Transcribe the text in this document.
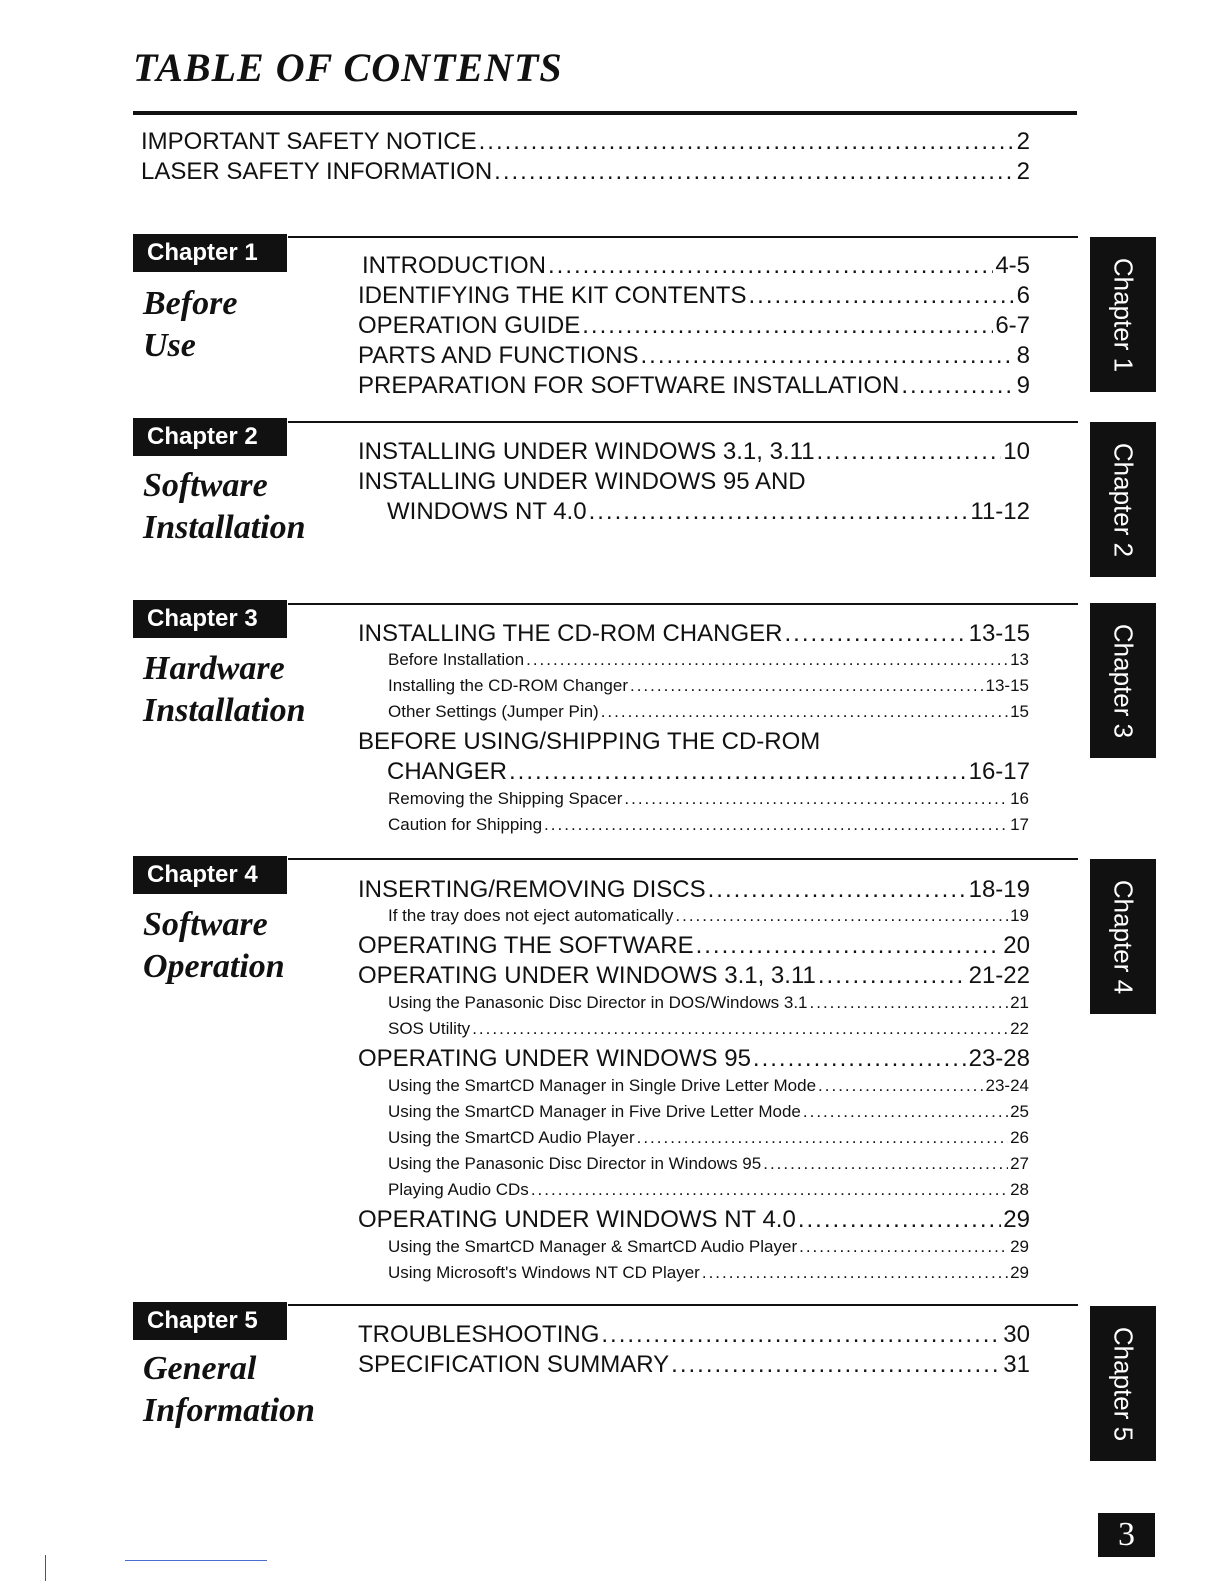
TABLE OF CONTENTS
IMPORTANT SAFETY NOTICE .....	2
LASER SAFETY INFORMATION .....	2
Chapter 1
Before
Use	Chapter 1
INTRODUCTION .....	4-5
IDENTIFYING THE KIT CONTENTS .....	6
OPERATION GUIDE .....	6-7
PARTS AND FUNCTIONS .....	8
PREPARATION FOR SOFTWARE INSTALLATION .....	9
Chapter 2
Software
Installation	Chapter 2
INSTALLING UNDER WINDOWS 3.1, 3.11 .....	10
INSTALLING UNDER WINDOWS 95 AND
WINDOWS NT 4.0 .....	11-12
Chapter 3
Hardware
Installation	Chapter 3
INSTALLING THE CD-ROM CHANGER .....	13-15
Before Installation .....	13
Installing the CD-ROM Changer .....	13-15
Other Settings (Jumper Pin) .....	15
BEFORE USING/SHIPPING THE CD-ROM
CHANGER .....	16-17
Removing the Shipping Spacer .....	16
Caution for Shipping .....	17
Chapter 4
Software
Operation	Chapter 4
INSERTING/REMOVING DISCS .....	18-19
If the tray does not eject automatically .....	19
OPERATING THE SOFTWARE .....	20
OPERATING UNDER WINDOWS 3.1, 3.11 .....	21-22
Using the Panasonic Disc Director in DOS/Windows 3.1 .....	21
SOS Utility .....	22
OPERATING UNDER WINDOWS 95 .....	23-28
Using the SmartCD Manager in Single Drive Letter Mode .....	23-24
Using the SmartCD Manager in Five Drive Letter Mode .....	25
Using the SmartCD Audio Player .....	26
Using the Panasonic Disc Director in Windows 95 .....	27
Playing Audio CDs .....	28
OPERATING UNDER WINDOWS NT 4.0 .....	29
Using the SmartCD Manager & SmartCD Audio Player .....	29
Using Microsoft's Windows NT CD Player .....	29
Chapter 5
General
Information	Chapter 5
TROUBLESHOOTING .....	30
SPECIFICATION SUMMARY .....	31
3
